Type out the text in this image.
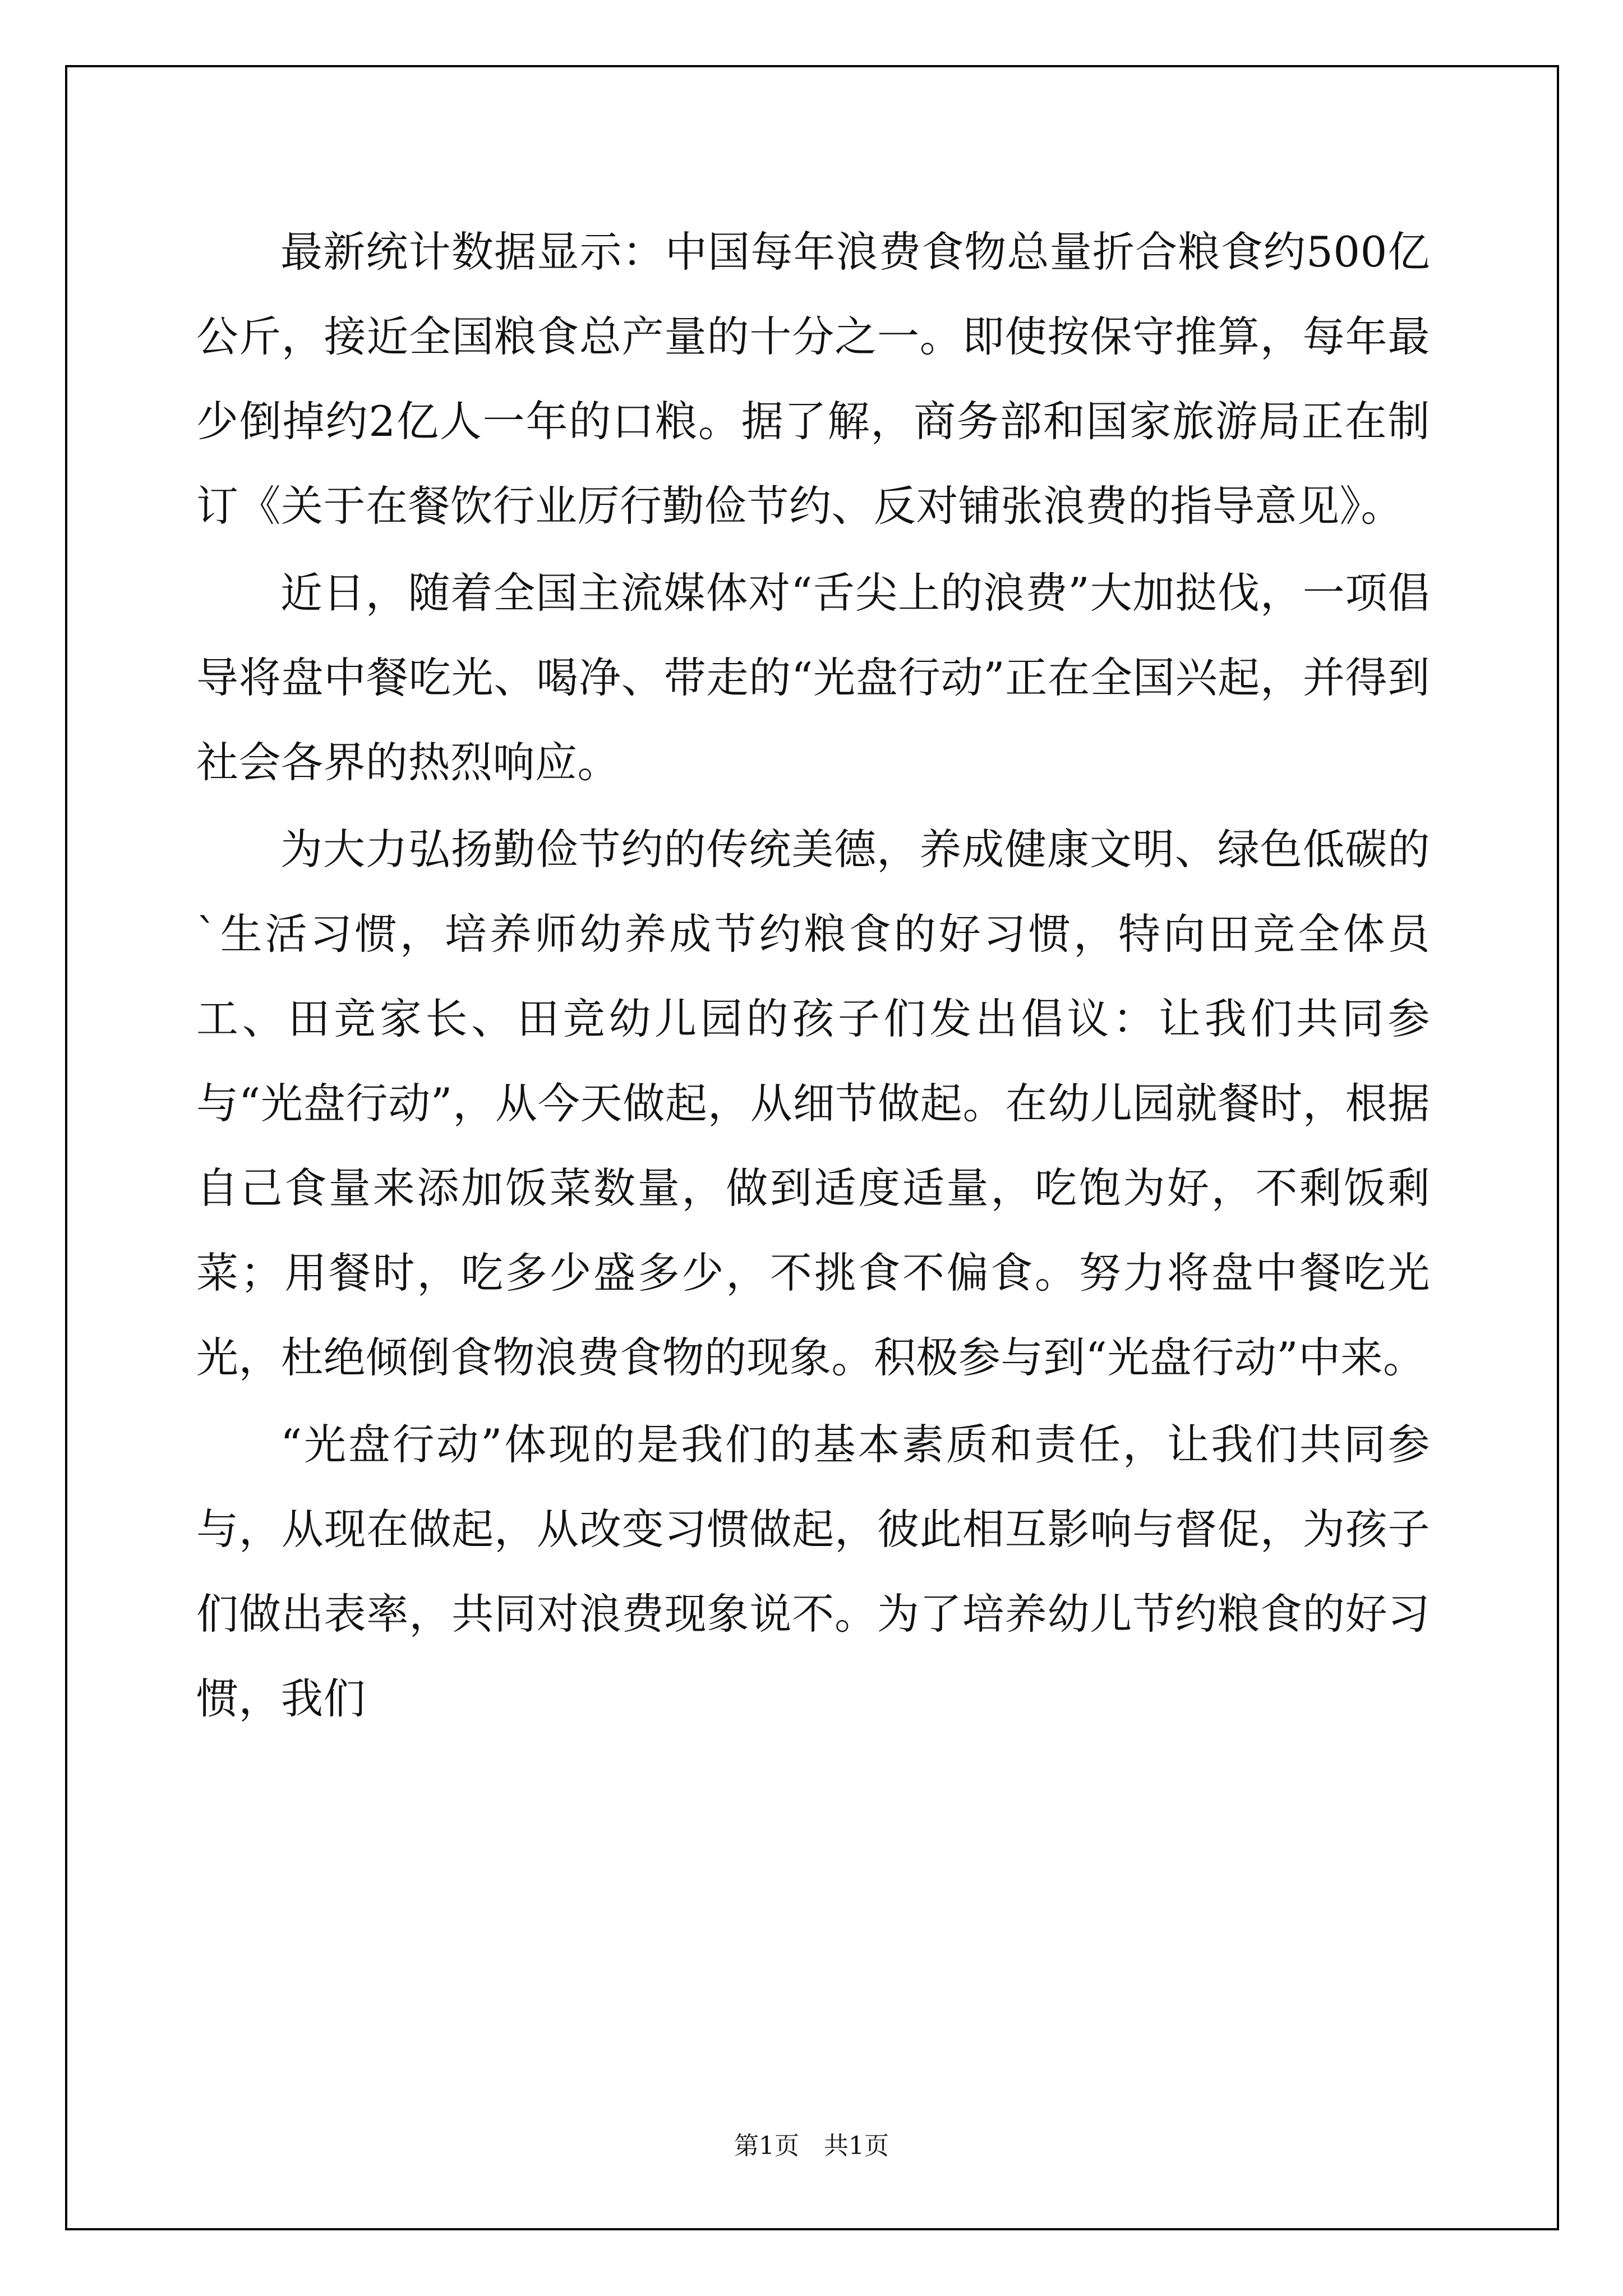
最新统计数据显示：中国每年浪费食物总量折合粮食约500亿公斤，接近全国粮食总产量的十分之一。即使按保守推算，每年最少倒掉约2亿人一年的口粮。据了解，商务部和国家旅游局正在制订《关于在餐饮行业厉行勤俭节约、反对铺张浪费的指导意见》。

近日，随着全国主流媒体对“舌尖上的浪费”大加挞伐，一项倡导将盘中餐吃光、喝净、带走的“光盘行动”正在全国兴起，并得到社会各界的热烈响应。

为大力弘扬勤俭节约的传统美德，养成健康文明、绿色低碳的`生活习惯，培养师幼养成节约粮食的好习惯，特向田竞全体员工、田竞家长、田竞幼儿园的孩子们发出倡议：让我们共同参与“光盘行动”，从今天做起，从细节做起。在幼儿园就餐时，根据自己食量来添加饭菜数量，做到适度适量，吃饱为好，不剩饭剩菜；用餐时，吃多少盛多少，不挑食不偏食。努力将盘中餐吃光光，杜绝倾倒食物浪费食物的现象。积极参与到“光盘行动”中来。

“光盘行动”体现的是我们的基本素质和责任，让我们共同参与，从现在做起，从改变习惯做起，彼此相互影响与督促，为孩子们做出表率，共同对浪费现象说不。为了培养幼儿节约粮食的好习惯，我们

第1页　共1页
